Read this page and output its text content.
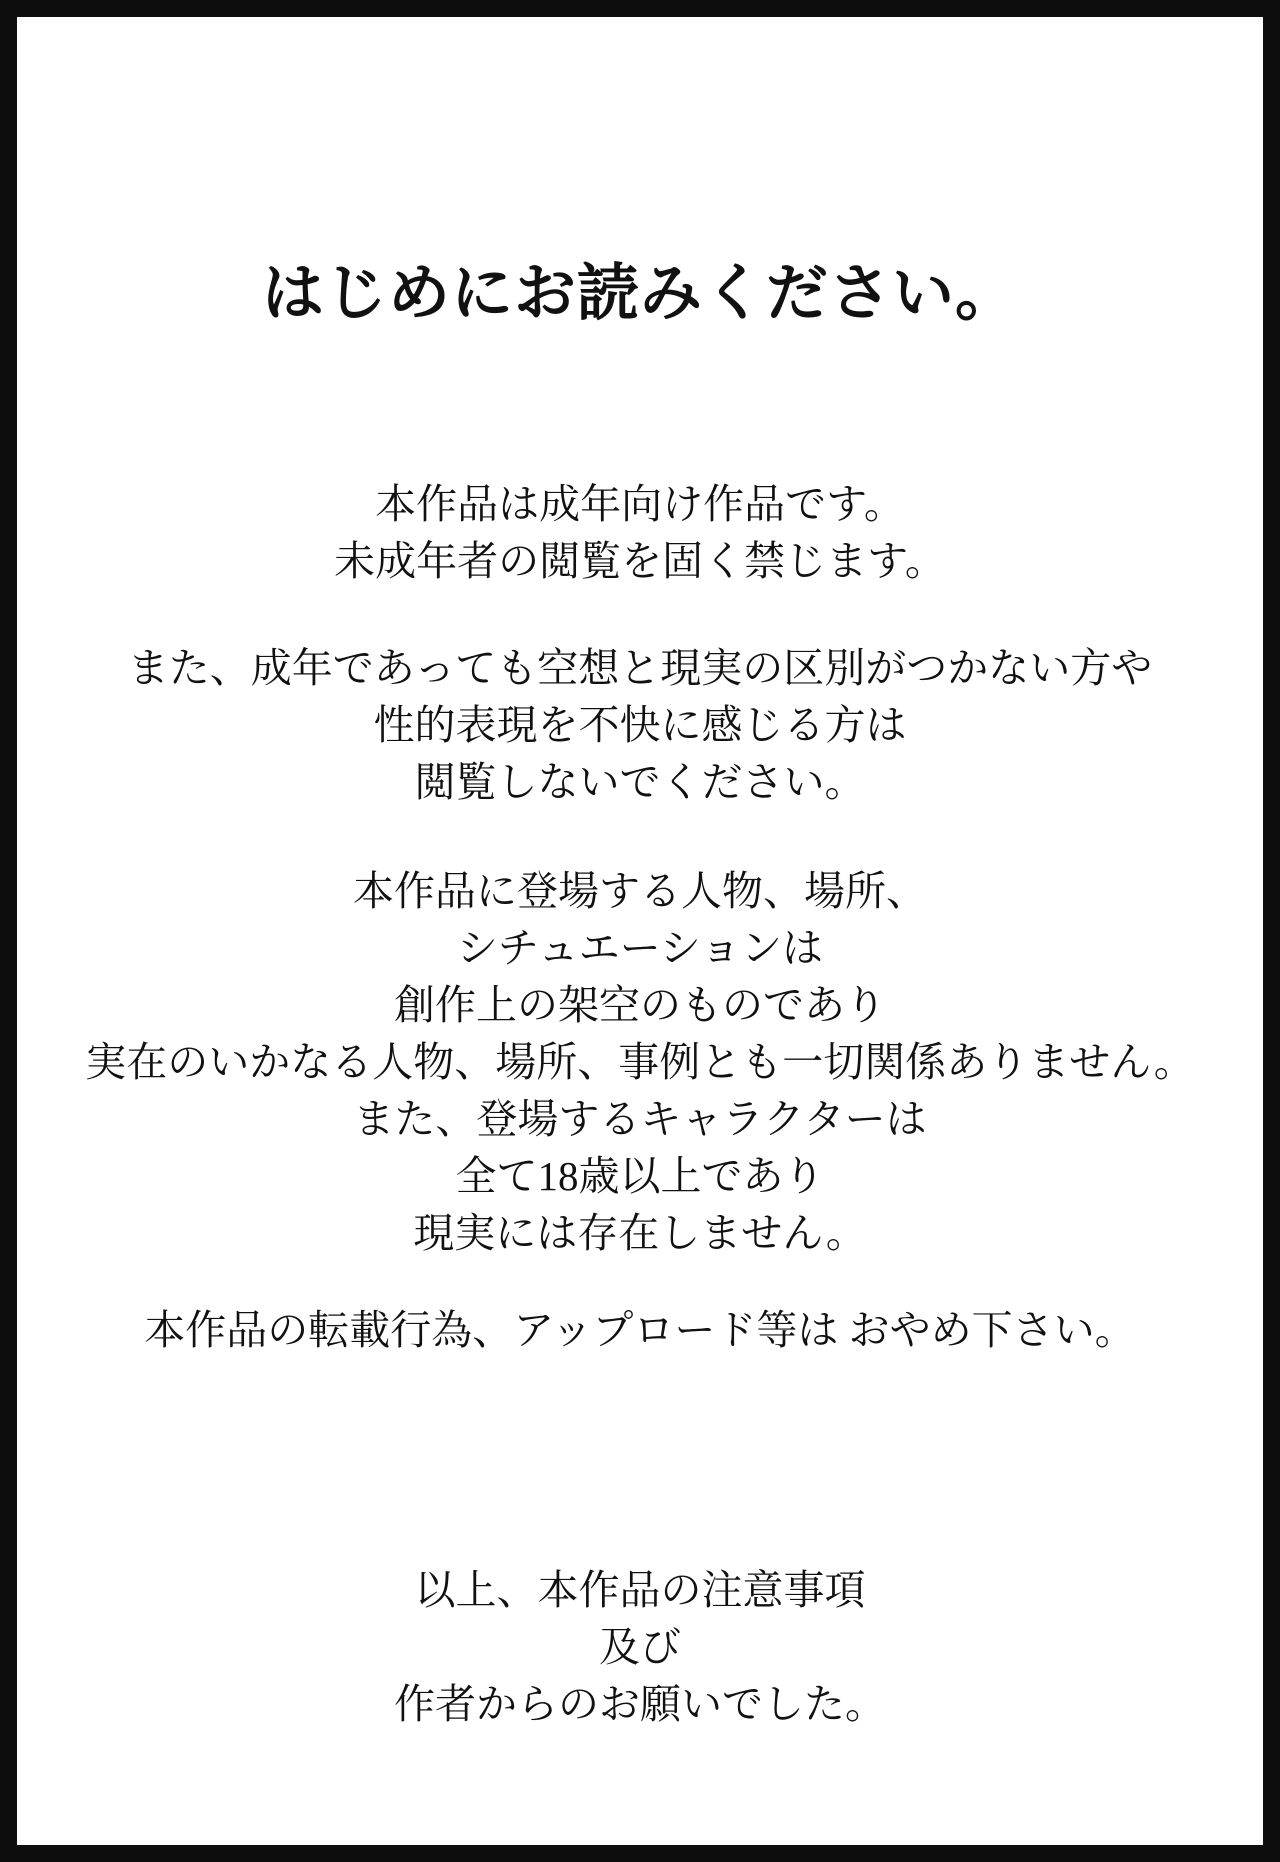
はじめにお読みください。
本作品は成年向け作品です。
未成年者の閲覧を固く禁じます。
また、成年であっても空想と現実の区別がつかない方や
性的表現を不快に感じる方は
閲覧しないでください。
本作品に登場する人物、場所、
シチュエーションは
創作上の架空のものであり
実在のいかなる人物、場所、事例とも一切関係ありません。
また、登場するキャラクターは
全て18歳以上であり
現実には存在しません。
本作品の転載行為、アップロード等は おやめ下さい。
以上、本作品の注意事項
及び
作者からのお願いでした。
